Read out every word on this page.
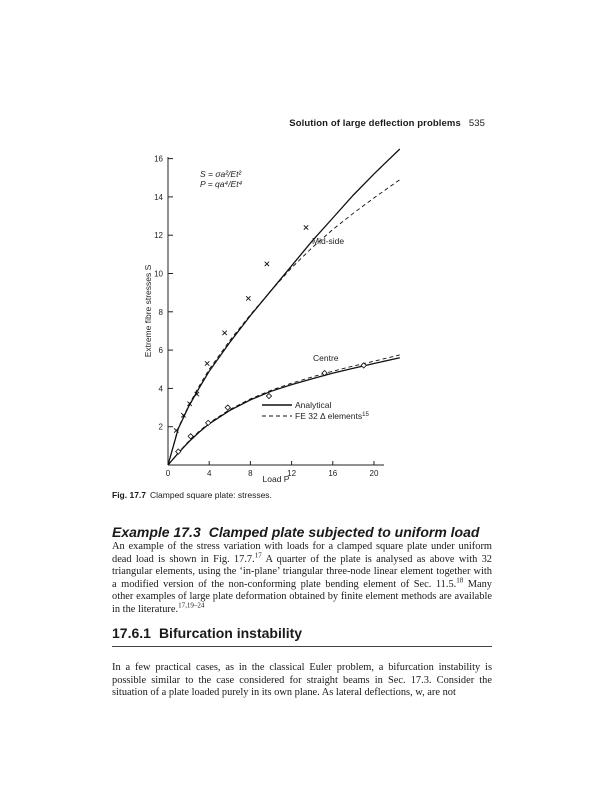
Solution of large deflection problems 535
2
4
6
8
10
12
14
16
0	4	8	12	16	20
Load P
Extreme fibre stresses S
S = σa²/Et²
P = qa⁴/Et⁴
Mid-side
Centre
Analytical
FE 32 Δ elements$^{15}$
Fig. 17.7 Clamped square plate: stresses.
Example 17.3 Clamped plate subjected to uniform load
An example of the stress variation with loads for a clamped square plate under uniform dead load is shown in Fig. 17.7.17 A quarter of the plate is analysed as above with 32 triangular elements, using the ‘in-plane’ triangular three-node linear element together with a modified version of the non-conforming plate bending element of Sec. 11.5.18 Many other examples of large plate deformation obtained by finite element methods are available in the literature.$^{17,19-24}$
17.6.1 Bifurcation instability
In a few practical cases, as in the classical Euler problem, a bifurcation instability is possible similar to the case considered for straight beams in Sec. 17.3. Consider the situation of a plate loaded purely in its own plane. As lateral deflections, w, are not
